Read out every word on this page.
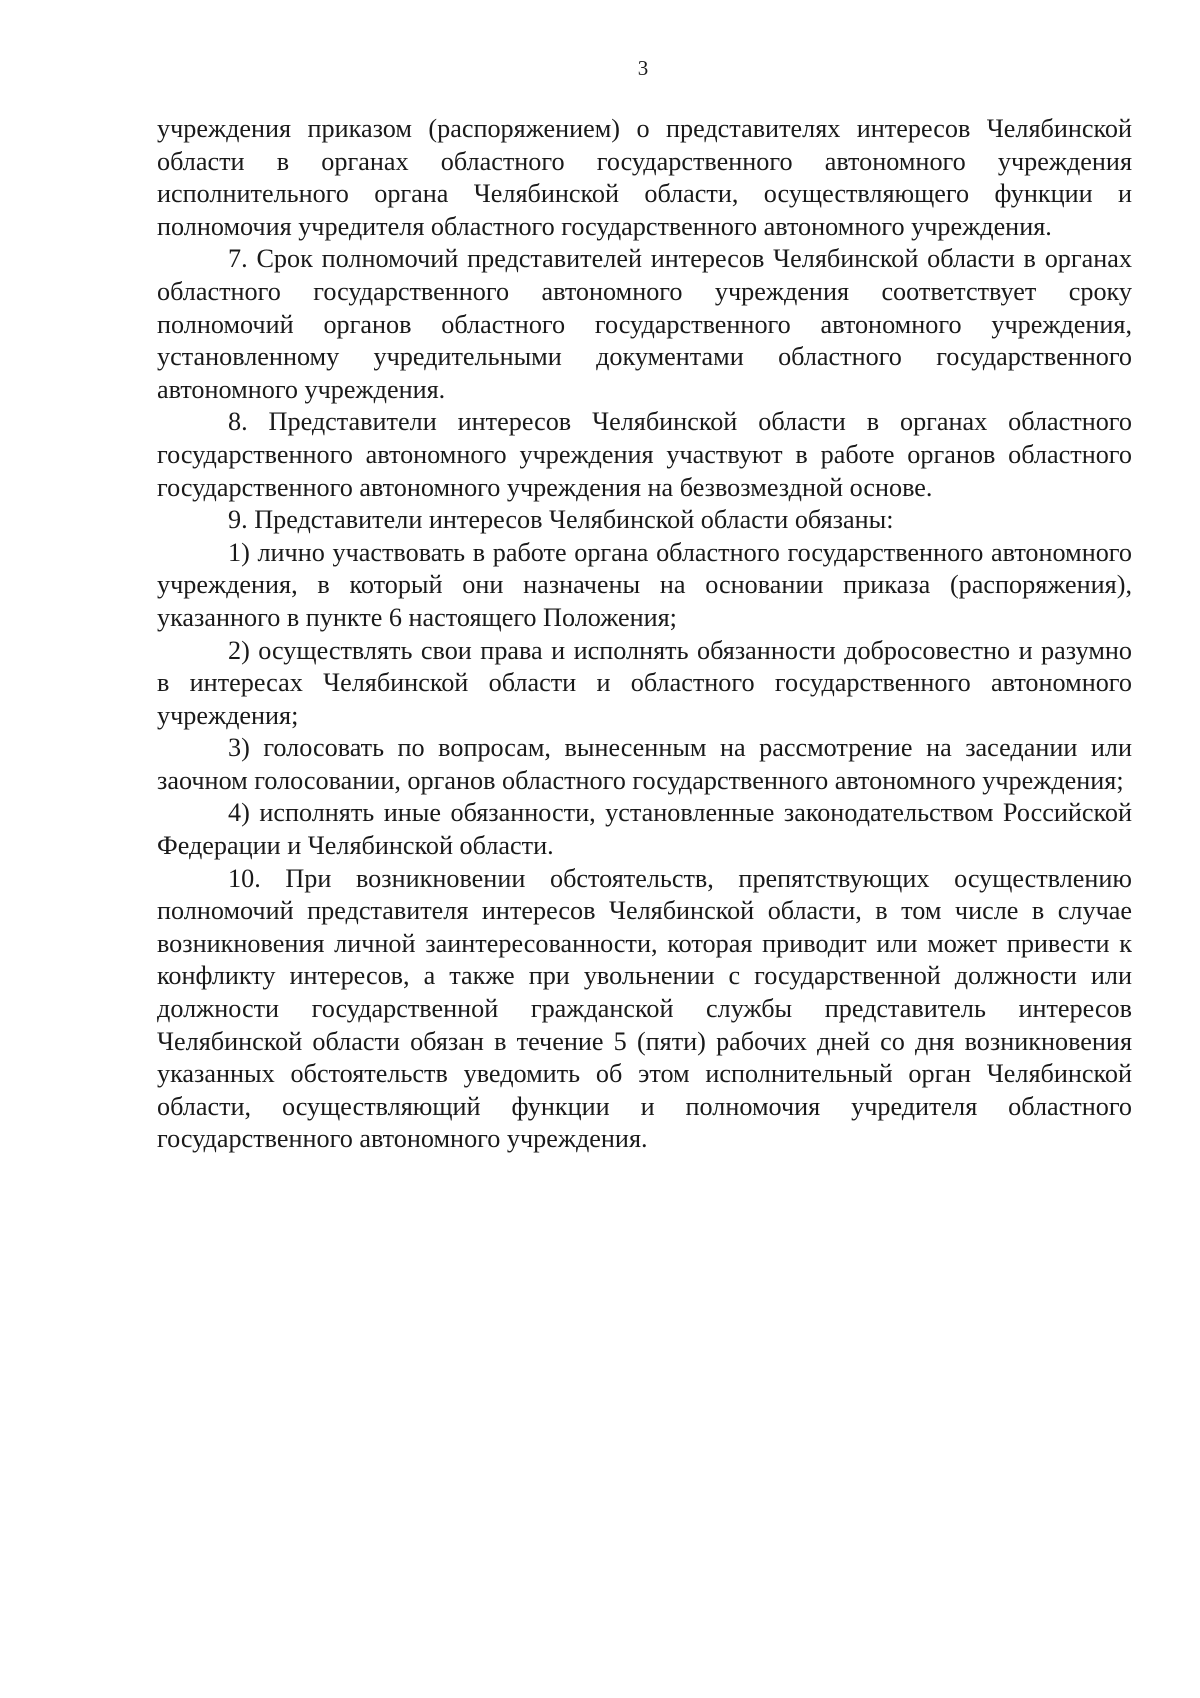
3

учреждения приказом (распоряжением) о представителях интересов Челябинской области в органах областного государственного автономного учреждения исполнительного органа Челябинской области, осуществляющего функции и полномочия учредителя областного государственного автономного учреждения.

7. Срок полномочий представителей интересов Челябинской области в органах областного государственного автономного учреждения соответствует сроку полномочий органов областного государственного автономного учреждения, установленному учредительными документами областного государственного автономного учреждения.

8. Представители интересов Челябинской области в органах областного государственного автономного учреждения участвуют в работе органов областного государственного автономного учреждения на безвозмездной основе.

9. Представители интересов Челябинской области обязаны:

1) лично участвовать в работе органа областного государственного автономного учреждения, в который они назначены на основании приказа (распоряжения), указанного в пункте 6 настоящего Положения;

2) осуществлять свои права и исполнять обязанности добросовестно и разумно в интересах Челябинской области и областного государственного автономного учреждения;

3) голосовать по вопросам, вынесенным на рассмотрение на заседании или заочном голосовании, органов областного государственного автономного учреждения;

4) исполнять иные обязанности, установленные законодательством Российской Федерации и Челябинской области.

10. При возникновении обстоятельств, препятствующих осуществлению полномочий представителя интересов Челябинской области, в том числе в случае возникновения личной заинтересованности, которая приводит или может привести к конфликту интересов, а также при увольнении с государственной должности или должности государственной гражданской службы представитель интересов Челябинской области обязан в течение 5 (пяти) рабочих дней со дня возникновения указанных обстоятельств уведомить об этом исполнительный орган Челябинской области, осуществляющий функции и полномочия учредителя областного государственного автономного учреждения.
